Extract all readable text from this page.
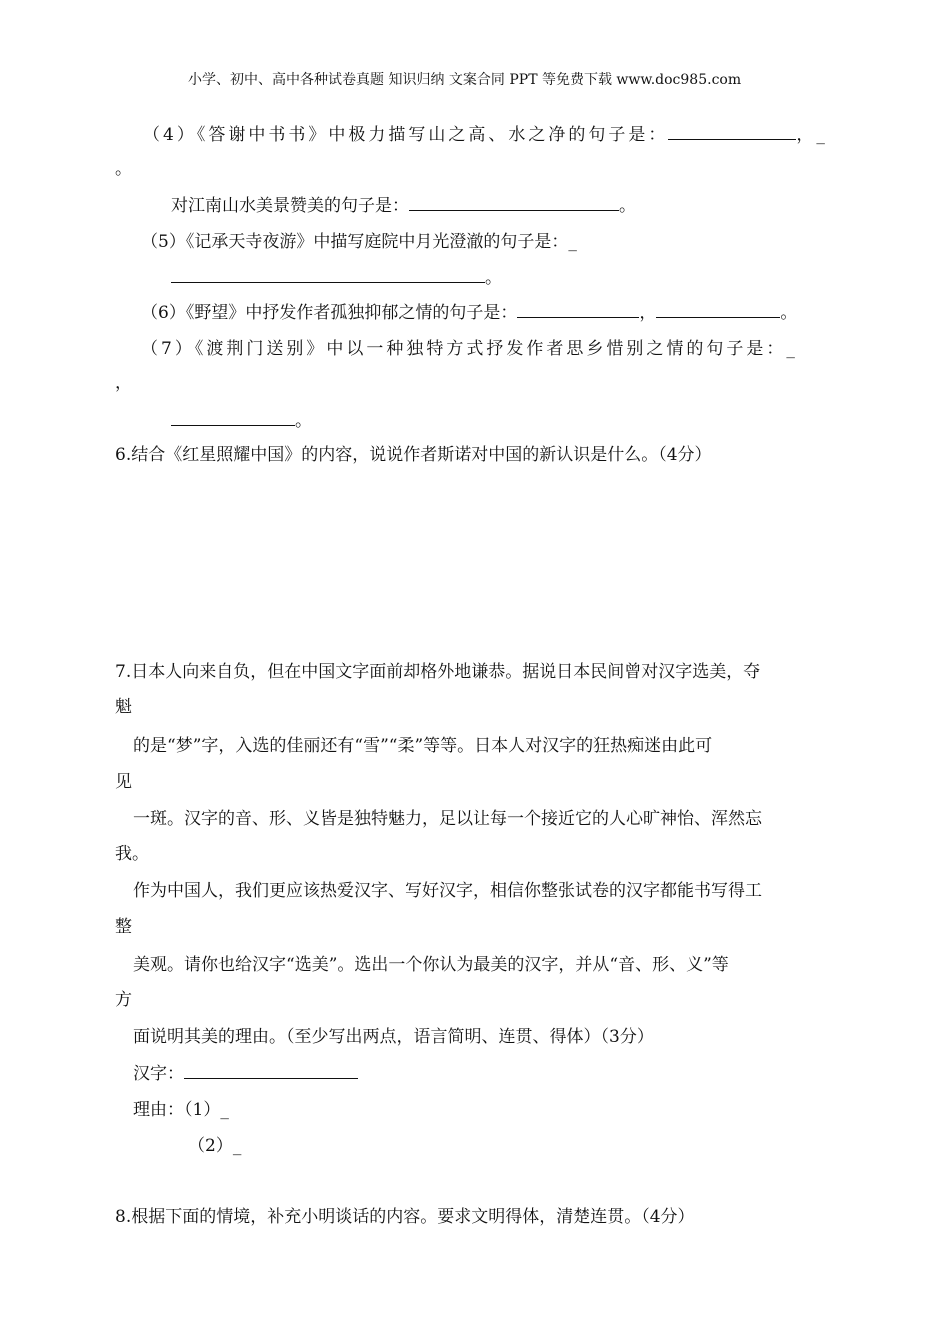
小学、初中、高中各种试卷真题 知识归纳 文案合同 PPT 等免费下载 www.doc985.com
（4）《答谢中书书》中极力描写山之高、水之净的句子是：	，_
。
对江南山水美景赞美的句子是：	。
（5）《记承天寺夜游》中描写庭院中月光澄澈的句子是：_
。
（6）《野望》中抒发作者孤独抑郁之情的句子是：	，	。
（7）《渡荆门送别》中以一种独特方式抒发作者思乡惜别之情的句子是：_
，
。
6.结合《红星照耀中国》的内容，说说作者斯诺对中国的新认识是什么。（4分）
7.日本人向来自负，但在中国文字面前却格外地谦恭。据说日本民间曾对汉字选美，夺
魁
的是“梦”字，入选的佳丽还有“雪”“柔”等等。日本人对汉字的狂热痴迷由此可
见
一斑。汉字的音、形、义皆是独特魅力，足以让每一个接近它的人心旷神怡、浑然忘
我。
作为中国人，我们更应该热爱汉字、写好汉字，相信你整张试卷的汉字都能书写得工
整
美观。请你也给汉字“选美”。选出一个你认为最美的汉字，并从“音、形、义”等
方
面说明其美的理由。（至少写出两点，语言简明、连贯、得体）（3分）
汉字：
理由：（1）_
（2）_
8.根据下面的情境，补充小明谈话的内容。要求文明得体，清楚连贯。（4分）
